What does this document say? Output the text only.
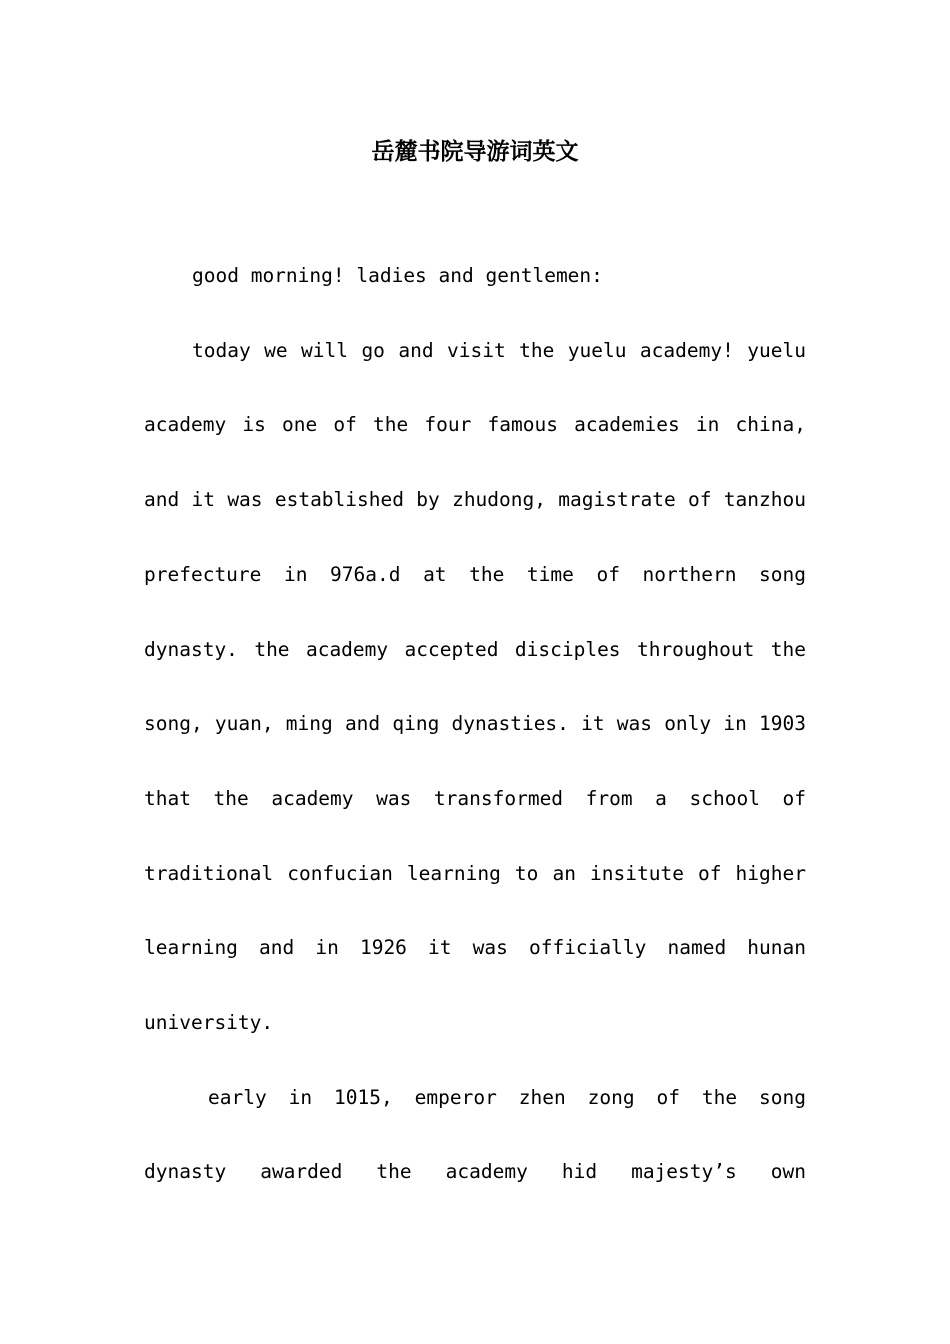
岳麓书院导游词英文

good morning! ladies and gentlemen:

today we will go and visit the yuelu academy! yuelu academy is one of the four famous academies in china, and it was established by zhudong, magistrate of tanzhou prefecture in 976a.d at the time of northern song dynasty. the academy accepted disciples throughout the song, yuan, ming and qing dynasties. it was only in 1903 that the academy was transformed from a school of traditional confucian learning to an insitute of higher learning and in 1926 it was officially named hunan university.

early in 1015, emperor zhen zong of the song dynasty awarded the academy hid majesty’s own
